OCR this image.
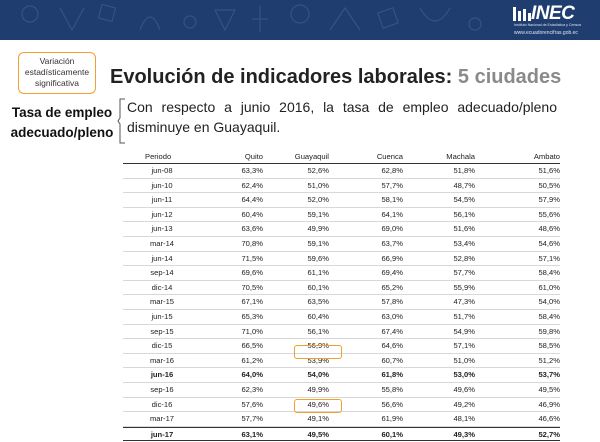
INEC
Instituto Nacional de Estadística y Censos
www.ecuadorencifras.gob.ec
Variación estadísticamente significativa	Evolución de indicadores laborales: 5 ciudades
Tasa de empleo adecuado/pleno
Con respecto a junio 2016, la tasa de empleo adecuado/pleno disminuye en Guayaquil.
Periodo	Quito	Guayaquil	Cuenca	Machala	Ambato
jun-08	63,3%	52,6%	62,8%	51,8%	51,6%
jun-10	62,4%	51,0%	57,7%	48,7%	50,5%
jun-11	64,4%	52,0%	58,1%	54,5%	57,9%
jun-12	60,4%	59,1%	64,1%	56,1%	55,6%
jun-13	63,6%	49,9%	69,0%	51,6%	48,6%
mar-14	70,8%	59,1%	63,7%	53,4%	54,6%
jun-14	71,5%	59,6%	66,9%	52,8%	57,1%
sep-14	69,6%	61,1%	69,4%	57,7%	58,4%
dic-14	70,5%	60,1%	65,2%	55,9%	61,0%
mar-15	67,1%	63,5%	57,8%	47,3%	54,0%
jun-15	65,3%	60,4%	63,0%	51,7%	58,4%
sep-15	71,0%	56,1%	67,4%	54,9%	59,8%
dic-15	66,5%	56,9%	64,6%	57,1%	58,5%
mar-16	61,2%	53,9%	60,7%	51,0%	51,2%
jun-16	64,0%	54,0%	61,8%	53,0%	53,7%
sep-16	62,3%	49,9%	55,8%	49,6%	49,5%
dic-16	57,6%	49,6%	56,6%	49,2%	46,9%
mar-17	57,7%	49,1%	61,9%	48,1%	46,6%
jun-17	63,1%	49,5%	60,1%	49,3%	52,7%
